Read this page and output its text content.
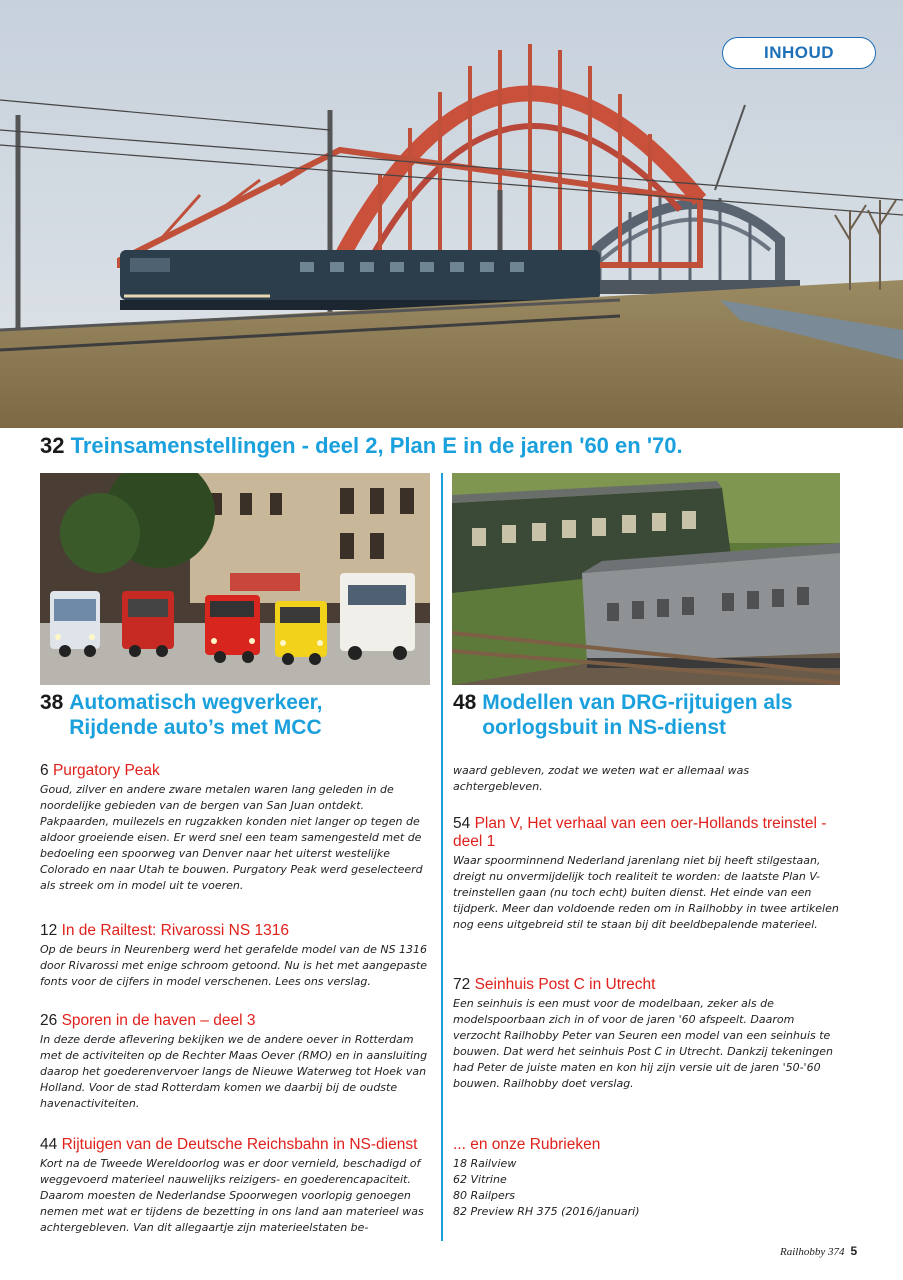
INHOUD
32 Treinsamenstellingen - deel 2, Plan E in de jaren '60 en '70.
38 Automatisch wegverkeer,
Rijdende auto’s met MCC
48 Modellen van DRG-rijtuigen als
oorlogsbuit in NS-dienst
6 Purgatory Peak

Goud, zilver en andere zware metalen waren lang geleden in de noordelijke gebieden van de bergen van San Juan ontdekt. Pakpaarden, muilezels en rugzakken konden niet langer op tegen de aldoor groeiende eisen. Er werd snel een team samengesteld met de bedoeling een spoorweg van Denver naar het uiterst westelijke Colorado en naar Utah te bouwen. Purgatory Peak werd geselecteerd als streek om in model uit te voeren.

12 In de Railtest: Rivarossi NS 1316

Op de beurs in Neurenberg werd het gerafelde model van de NS 1316 door Rivarossi met enige schroom getoond. Nu is het met aangepaste fonts voor de cijfers in model verschenen. Lees ons verslag.

26 Sporen in de haven – deel 3

In deze derde aflevering bekijken we de andere oever in Rotterdam met de activiteiten op de Rechter Maas Oever (RMO) en in aansluiting daarop het goederenvervoer langs de Nieuwe Waterweg tot Hoek van Holland. Voor de stad Rotterdam komen we daarbij bij de oudste havenactiviteiten.

44 Rijtuigen van de Deutsche Reichsbahn in NS-dienst

Kort na de Tweede Wereldoorlog was er door vernield, beschadigd of weggevoerd materieel nauwelijks reizigers- en goederencapaciteit. Daarom moesten de Nederlandse Spoorwegen voorlopig genoegen nemen met wat er tijdens de bezetting in ons land aan materieel was achtergebleven. Van dit allegaartje zijn materieelstaten be-

waard gebleven, zodat we weten wat er allemaal was achtergebleven.

54 Plan V, Het verhaal van een oer-Hollands treinstel - deel 1

Waar spoorminnend Nederland jarenlang niet bij heeft stilgestaan, dreigt nu onvermijdelijk toch realiteit te worden: de laatste Plan V-treinstellen gaan (nu toch echt) buiten dienst. Het einde van een tijdperk. Meer dan voldoende reden om in Railhobby in twee artikelen nog eens uitgebreid stil te staan bij dit beeldbepalende materieel.

72 Seinhuis Post C in Utrecht

Een seinhuis is een must voor de modelbaan, zeker als de modelspoorbaan zich in of voor de jaren '60 afspeelt. Daarom verzocht Railhobby Peter van Seuren een model van een seinhuis te bouwen. Dat werd het seinhuis Post C in Utrecht. Dankzij tekeningen had Peter de juiste maten en kon hij zijn versie uit de jaren '50-'60 bouwen. Railhobby doet verslag.

... en onze Rubrieken
18 Railview
62 Vitrine
80 Railpers
82 Preview RH 375 (2016/januari)
Railhobby 374 5
